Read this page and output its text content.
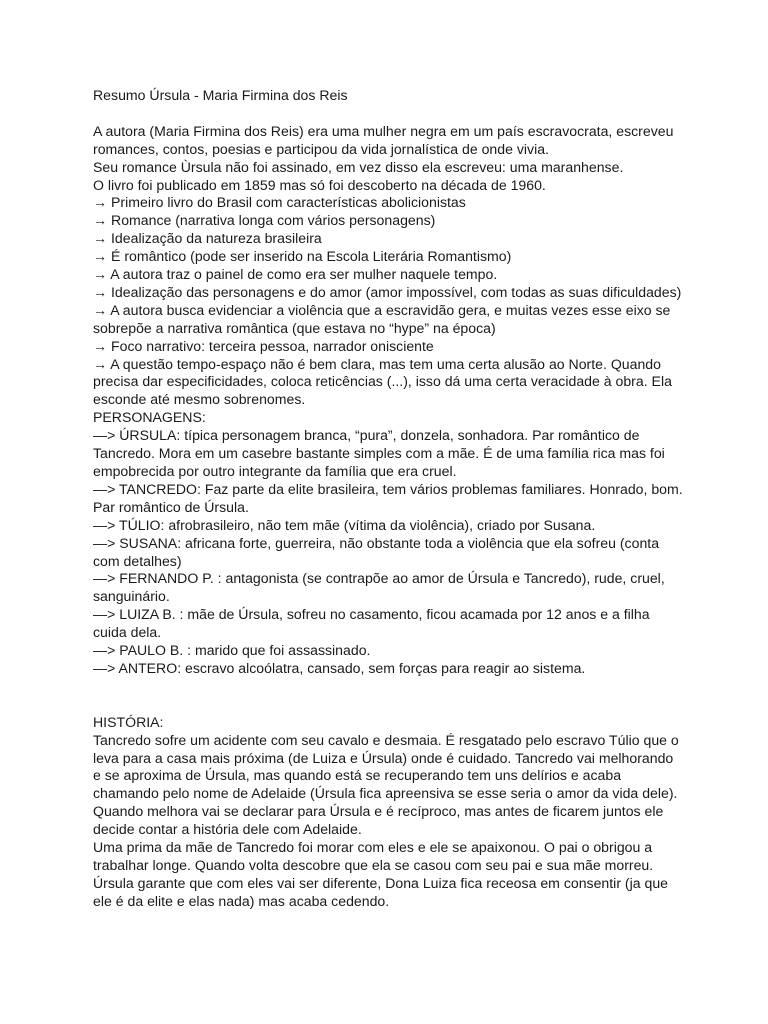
Resumo Úrsula - Maria Firmina dos Reis

A autora (Maria Firmina dos Reis) era uma mulher negra em um país escravocrata, escreveu romances, contos, poesias e participou da vida jornalística de onde vivia.

Seu romance Ùrsula não foi assinado, em vez disso ela escreveu: uma maranhense.

O livro foi publicado em 1859 mas só foi descoberto na década de 1960.

→ Primeiro livro do Brasil com características abolicionistas

→ Romance (narrativa longa com vários personagens)

→ Idealização da natureza brasileira

→ É romântico (pode ser inserido na Escola Literária Romantismo)

→ A autora traz o painel de como era ser mulher naquele tempo.

→ Idealização das personagens e do amor (amor impossível, com todas as suas dificuldades)

→ A autora busca evidenciar a violência que a escravidão gera, e muitas vezes esse eixo se sobrepõe a narrativa romântica (que estava no “hype” na época)

→ Foco narrativo: terceira pessoa, narrador onisciente

→ A questão tempo-espaço não é bem clara, mas tem uma certa alusão ao Norte. Quando precisa dar especificidades, coloca reticências (...), isso dá uma certa veracidade à obra. Ela esconde até mesmo sobrenomes.

PERSONAGENS:

—> ÚRSULA: típica personagem branca, “pura”, donzela, sonhadora. Par romântico de Tancredo. Mora em um casebre bastante simples com a mãe. É de uma família rica mas foi empobrecida por outro integrante da família que era cruel.

—> TANCREDO: Faz parte da elite brasileira, tem vários problemas familiares. Honrado, bom. Par romântico de Úrsula.

—> TÚLIO: afrobrasileiro, não tem mãe (vítima da violência), criado por Susana.

—> SUSANA: africana forte, guerreira, não obstante toda a violência que ela sofreu (conta com detalhes)

—> FERNANDO P. : antagonista (se contrapõe ao amor de Úrsula e Tancredo), rude, cruel, sanguinário.

—> LUIZA B. : mãe de Úrsula, sofreu no casamento, ficou acamada por 12 anos e a filha cuida dela.

—> PAULO B. : marido que foi assassinado.

—> ANTERO: escravo alcoólatra, cansado, sem forças para reagir ao sistema.

HISTÓRIA:

Tancredo sofre um acidente com seu cavalo e desmaia. É resgatado pelo escravo Túlio que o leva para a casa mais próxima (de Luiza e Úrsula) onde é cuidado. Tancredo vai melhorando e se aproxima de Úrsula, mas quando está se recuperando tem uns delírios e acaba chamando pelo nome de Adelaide (Úrsula fica apreensiva se esse seria o amor da vida dele). Quando melhora vai se declarar para Úrsula e é recíproco, mas antes de ficarem juntos ele decide contar a história dele com Adelaide.

Uma prima da mãe de Tancredo foi morar com eles e ele se apaixonou. O pai o obrigou a trabalhar longe. Quando volta descobre que ela se casou com seu pai e sua mãe morreu. Úrsula garante que com eles vai ser diferente, Dona Luiza fica receosa em consentir (ja que ele é da elite e elas nada) mas acaba cedendo.
